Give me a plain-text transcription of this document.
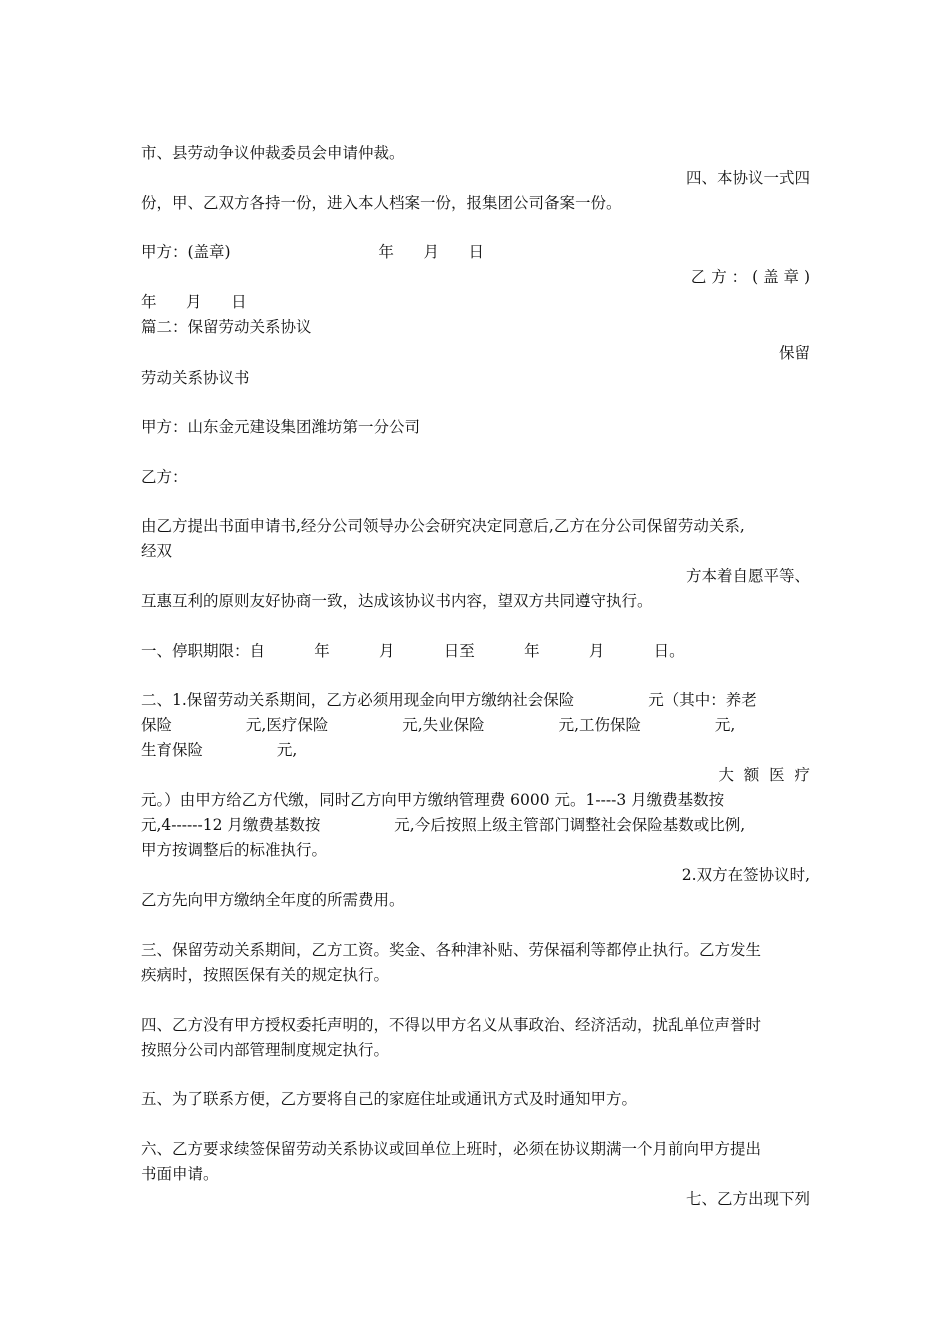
市、县劳动争议仲裁委员会申请仲裁。

四、本协议一式四

份，甲、乙双方各持一份，进入本人档案一份，报集团公司备案一份。

甲方：(盖章)                              年      月      日

乙 方 ： ( 盖 章 )

年      月      日

篇二：保留劳动关系协议

保留

劳动关系协议书

甲方：山东金元建设集团潍坊第一分公司

乙方：

由乙方提出书面申请书,经分公司领导办公会研究决定同意后,乙方在分公司保留劳动关系,

经双

方本着自愿平等、

互惠互利的原则友好协商一致，达成该协议书内容，望双方共同遵守执行。

一、停职期限：自          年          月          日至          年          月          日。

二、1.保留劳动关系期间，乙方必须用现金向甲方缴纳社会保险               元（其中：养老

保险               元,医疗保险               元,失业保险               元,工伤保险               元,

生育保险               元,

大  额  医  疗

元。）由甲方给乙方代缴，同时乙方向甲方缴纳管理费 6000 元。1----3 月缴费基数按

元,4------12 月缴费基数按               元,今后按照上级主管部门调整社会保险基数或比例,

甲方按调整后的标准执行。

2.双方在签协议时,

乙方先向甲方缴纳全年度的所需费用。

三、保留劳动关系期间，乙方工资。奖金、各种津补贴、劳保福利等都停止执行。乙方发生

疾病时，按照医保有关的规定执行。

四、乙方没有甲方授权委托声明的，不得以甲方名义从事政治、经济活动，扰乱单位声誉时

按照分公司内部管理制度规定执行。

五、为了联系方便，乙方要将自己的家庭住址或通讯方式及时通知甲方。

六、乙方要求续签保留劳动关系协议或回单位上班时，必须在协议期满一个月前向甲方提出

书面申请。

七、乙方出现下列
